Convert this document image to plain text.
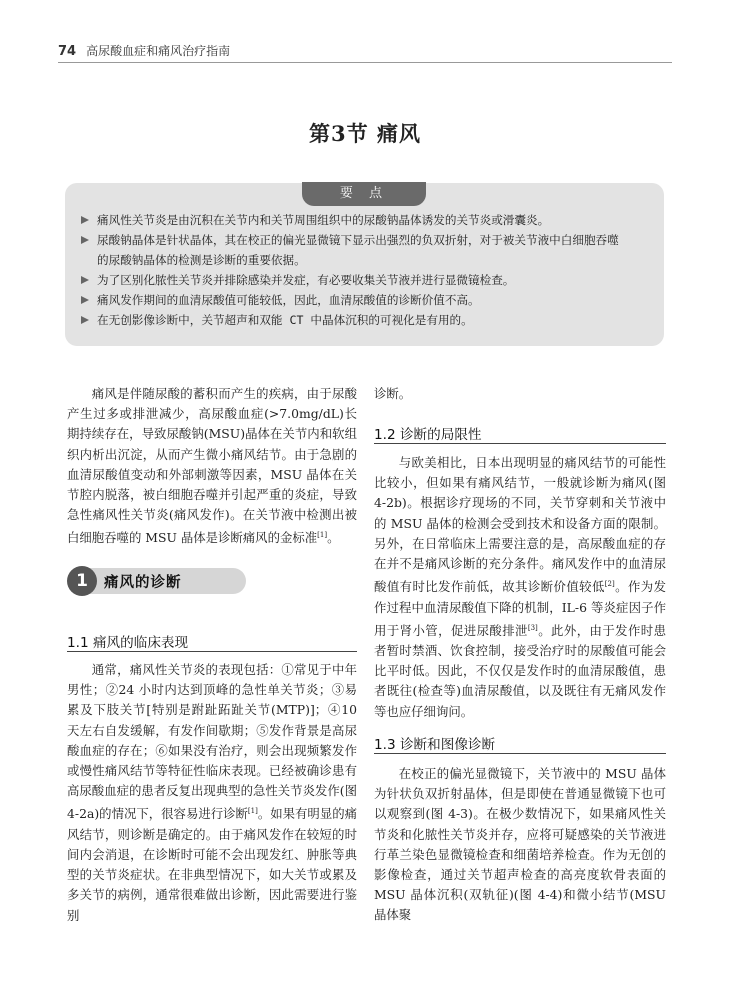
74 高尿酸血症和痛风治疗指南
第3节 痛风
要 点
痛风性关节炎是由沉积在关节内和关节周围组织中的尿酸钠晶体诱发的关节炎或滑囊炎。
尿酸钠晶体是针状晶体，其在校正的偏光显微镜下显示出强烈的负双折射，对于被关节液中白细胞吞噬
的尿酸钠晶体的检测是诊断的重要依据。
为了区别化脓性关节炎并排除感染并发症，有必要收集关节液并进行显微镜检查。
痛风发作期间的血清尿酸值可能较低，因此，血清尿酸值的诊断价值不高。
在无创影像诊断中，关节超声和双能 CT 中晶体沉积的可视化是有用的。

痛风是伴随尿酸的蓄积而产生的疾病，由于尿酸产生过多或排泄减少，高尿酸血症(>7.0mg/dL)长期持续存在，导致尿酸钠(MSU)晶体在关节内和软组织内析出沉淀，从而产生微小痛风结节。由于急剧的血清尿酸值变动和外部刺激等因素，MSU 晶体在关节腔内脱落，被白细胞吞噬并引起严重的炎症，导致急性痛风性关节炎(痛风发作)。在关节液中检测出被白细胞吞噬的 MSU 晶体是诊断痛风的金标准[1]。

1	痛风的诊断
1.1 痛风的临床表现

通常，痛风性关节炎的表现包括：①常见于中年男性；②24 小时内达到顶峰的急性单关节炎；③易累及下肢关节[特别是跗趾跖趾关节(MTP)]；④10 天左右自发缓解，有发作间歇期；⑤发作背景是高尿酸血症的存在；⑥如果没有治疗，则会出现频繁发作或慢性痛风结节等特征性临床表现。已经被确诊患有高尿酸血症的患者反复出现典型的急性关节炎发作(图 4-2a)的情况下，很容易进行诊断[1]。如果有明显的痛风结节，则诊断是确定的。由于痛风发作在较短的时间内会消退，在诊断时可能不会出现发红、肿胀等典型的关节炎症状。在非典型情况下，如大关节或累及多关节的病例，通常很难做出诊断，因此需要进行鉴别

诊断。

1.2 诊断的局限性

与欧美相比，日本出现明显的痛风结节的可能性比较小，但如果有痛风结节，一般就诊断为痛风(图 4-2b)。根据诊疗现场的不同，关节穿刺和关节液中的 MSU 晶体的检测会受到技术和设备方面的限制。另外，在日常临床上需要注意的是，高尿酸血症的存在并不是痛风诊断的充分条件。痛风发作中的血清尿酸值有时比发作前低，故其诊断价值较低[2]。作为发作过程中血清尿酸值下降的机制，IL-6 等炎症因子作用于肾小管，促进尿酸排泄[3]。此外，由于发作时患者暂时禁酒、饮食控制，接受治疗时的尿酸值可能会比平时低。因此，不仅仅是发作时的血清尿酸值，患者既往(检查等)血清尿酸值，以及既往有无痛风发作等也应仔细询问。

1.3 诊断和图像诊断

在校正的偏光显微镜下，关节液中的 MSU 晶体为针状负双折射晶体，但是即使在普通显微镜下也可以观察到(图 4-3)。在极少数情况下，如果痛风性关节炎和化脓性关节炎并存，应将可疑感染的关节液进行革兰染色显微镜检查和细菌培养检查。作为无创的影像检查，通过关节超声检查的高亮度软骨表面的 MSU 晶体沉积(双轨征)(图 4-4)和微小结节(MSU 晶体聚
